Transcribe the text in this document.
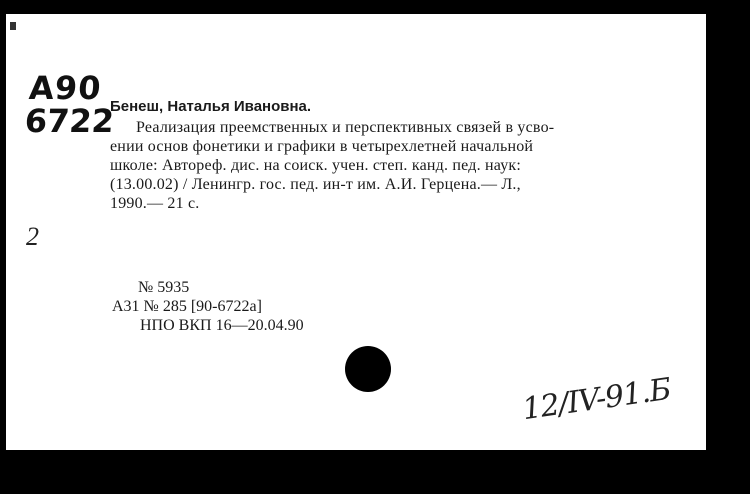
А90
6722
Бенеш, Наталья Ивановна.
Реализация преемственных и перспективных связей в усво-
ении основ фонетики и графики в четырехлетней начальной
школе: Автореф. дис. на соиск. учен. степ. канд. пед. наук:
(13.00.02) / Ленингр. гос. пед. ин-т им. А.И. Герцена.— Л.,
1990.— 21 с.
2
№ 5935
А31 № 285 [90-6722а]
НПО ВКП 16—20.04.90
12/IV-91.Б
